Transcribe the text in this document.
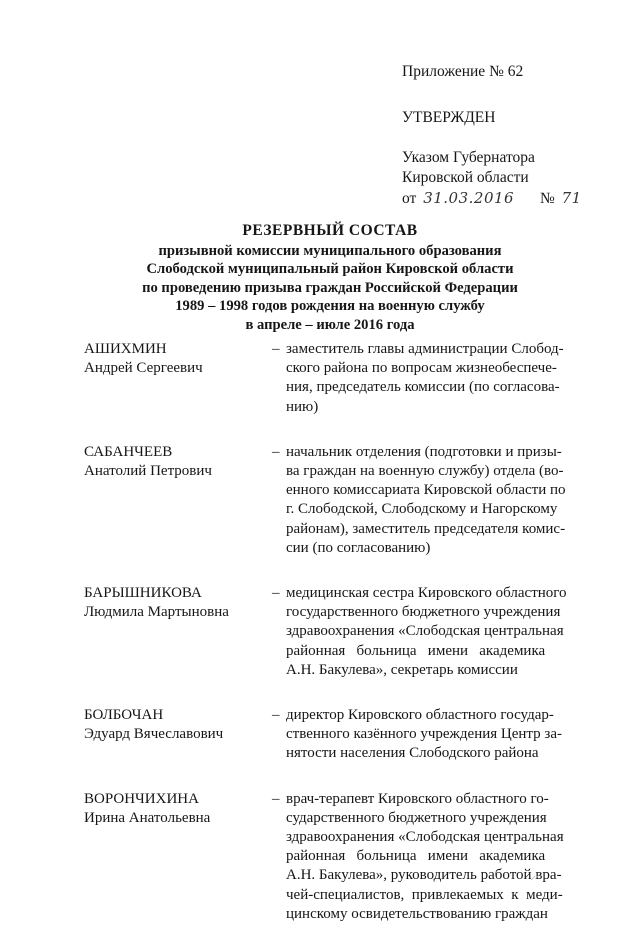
Приложение № 62
УТВЕРЖДЕН
Указом Губернатора
Кировской области
от 31.03.2016 № 71
РЕЗЕРВНЫЙ СОСТАВ
призывной комиссии муниципального образования
Слободской муниципальный район Кировской области
по проведению призыва граждан Российской Федерации
1989 – 1998 годов рождения на военную службу
в апреле – июле 2016 года
АШИХМИН
Андрей Сергеевич
– заместитель главы администрации Слобод-
ского района по вопросам жизнеобеспече-
ния, председатель комиссии (по согласова-
нию)
САБАНЧЕЕВ
Анатолий Петрович
– начальник отделения (подготовки и призы-
ва граждан на военную службу) отдела (во-
енного комиссариата Кировской области по
г. Слободской, Слободскому и Нагорскому
районам), заместитель председателя комис-
сии (по согласованию)
БАРЫШНИКОВА
Людмила Мартыновна
– медицинская сестра Кировского областного
государственного бюджетного учреждения
здравоохранения «Слободская центральная
районная   больница   имени   академика
А.Н. Бакулева», секретарь комиссии
БОЛБОЧАН
Эдуард Вячеславович
– директор Кировского областного государ-
ственного казённого учреждения Центр за-
нятости населения Слободского района
ВОРОНЧИХИНА
Ирина Анатольевна
– врач-терапевт Кировского областного го-
сударственного бюджетного учреждения
здравоохранения «Слободская центральная
районная   больница   имени   академика
А.Н. Бакулева», руководитель работой вра-
чей-специалистов,  привлекаемых  к  меди-
цинскому освидетельствованию граждан
